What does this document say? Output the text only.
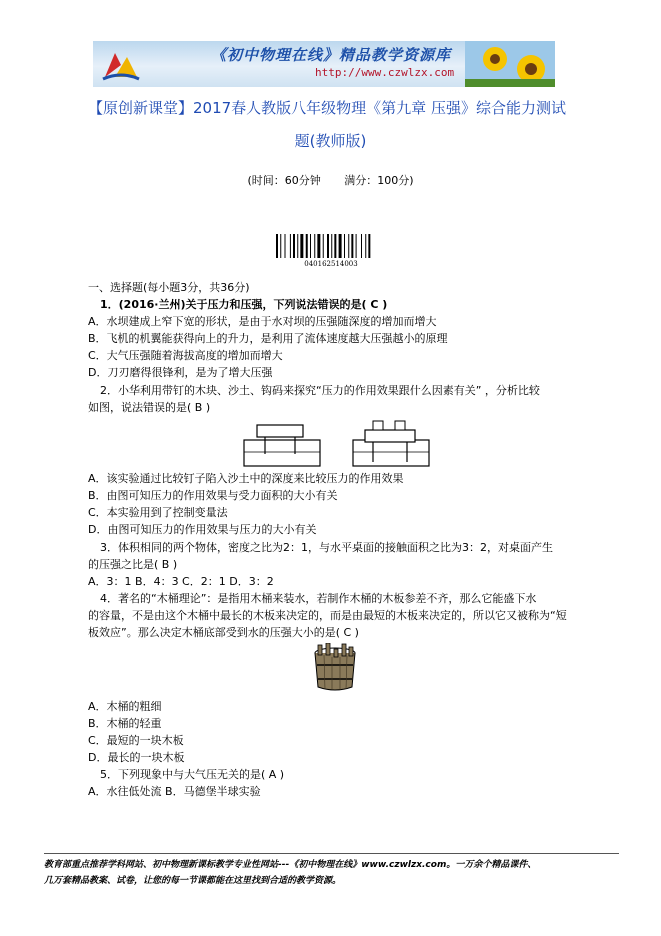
《初中物理在线》精品教学资源库
http://www.czwlzx.com
【原创新课堂】2017春人教版八年级物理《第九章 压强》综合能力测试
题(教师版)
(时间：60分钟 满分：100分)
040162514003
一、选择题(每小题3分，共36分)
1．(2016·兰州)关于压力和压强，下列说法错误的是( C )
A．水坝建成上窄下宽的形状，是由于水对坝的压强随深度的增加而增大
B．飞机的机翼能获得向上的升力，是利用了流体速度越大压强越小的原理
C．大气压强随着海拔高度的增加而增大
D．刀刃磨得很锋利，是为了增大压强
2．小华利用带钉的木块、沙土、钩码来探究“压力的作用效果跟什么因素有关” ，分析比较
如图，说法错误的是( B )
A．该实验通过比较钉子陷入沙土中的深度来比较压力的作用效果
B．由图可知压力的作用效果与受力面积的大小有关
C．本实验用到了控制变量法
D．由图可知压力的作用效果与压力的大小有关
3．体积相同的两个物体，密度之比为2：1，与水平桌面的接触面积之比为3：2，对桌面产生
的压强之比是( B )
A．3：1 B．4：3 C．2：1 D．3：2
4．著名的“木桶理论”：是指用木桶来装水，若制作木桶的木板参差不齐，那么它能盛下水
的容量，不是由这个木桶中最长的木板来决定的，而是由最短的木板来决定的，所以它又被称为“短
板效应”。那么决定木桶底部受到水的压强大小的是( C )
A．木桶的粗细
B．木桶的轻重
C．最短的一块木板
D．最长的一块木板
5．下列现象中与大气压无关的是( A )
A．水往低处流 B．马德堡半球实验
教育部重点推荐学科网站、初中物理新课标教学专业性网站---《初中物理在线》www.czwlzx.com。一万余个精品课件、
几万套精品教案、试卷，让您的每一节课都能在这里找到合适的教学资源。
